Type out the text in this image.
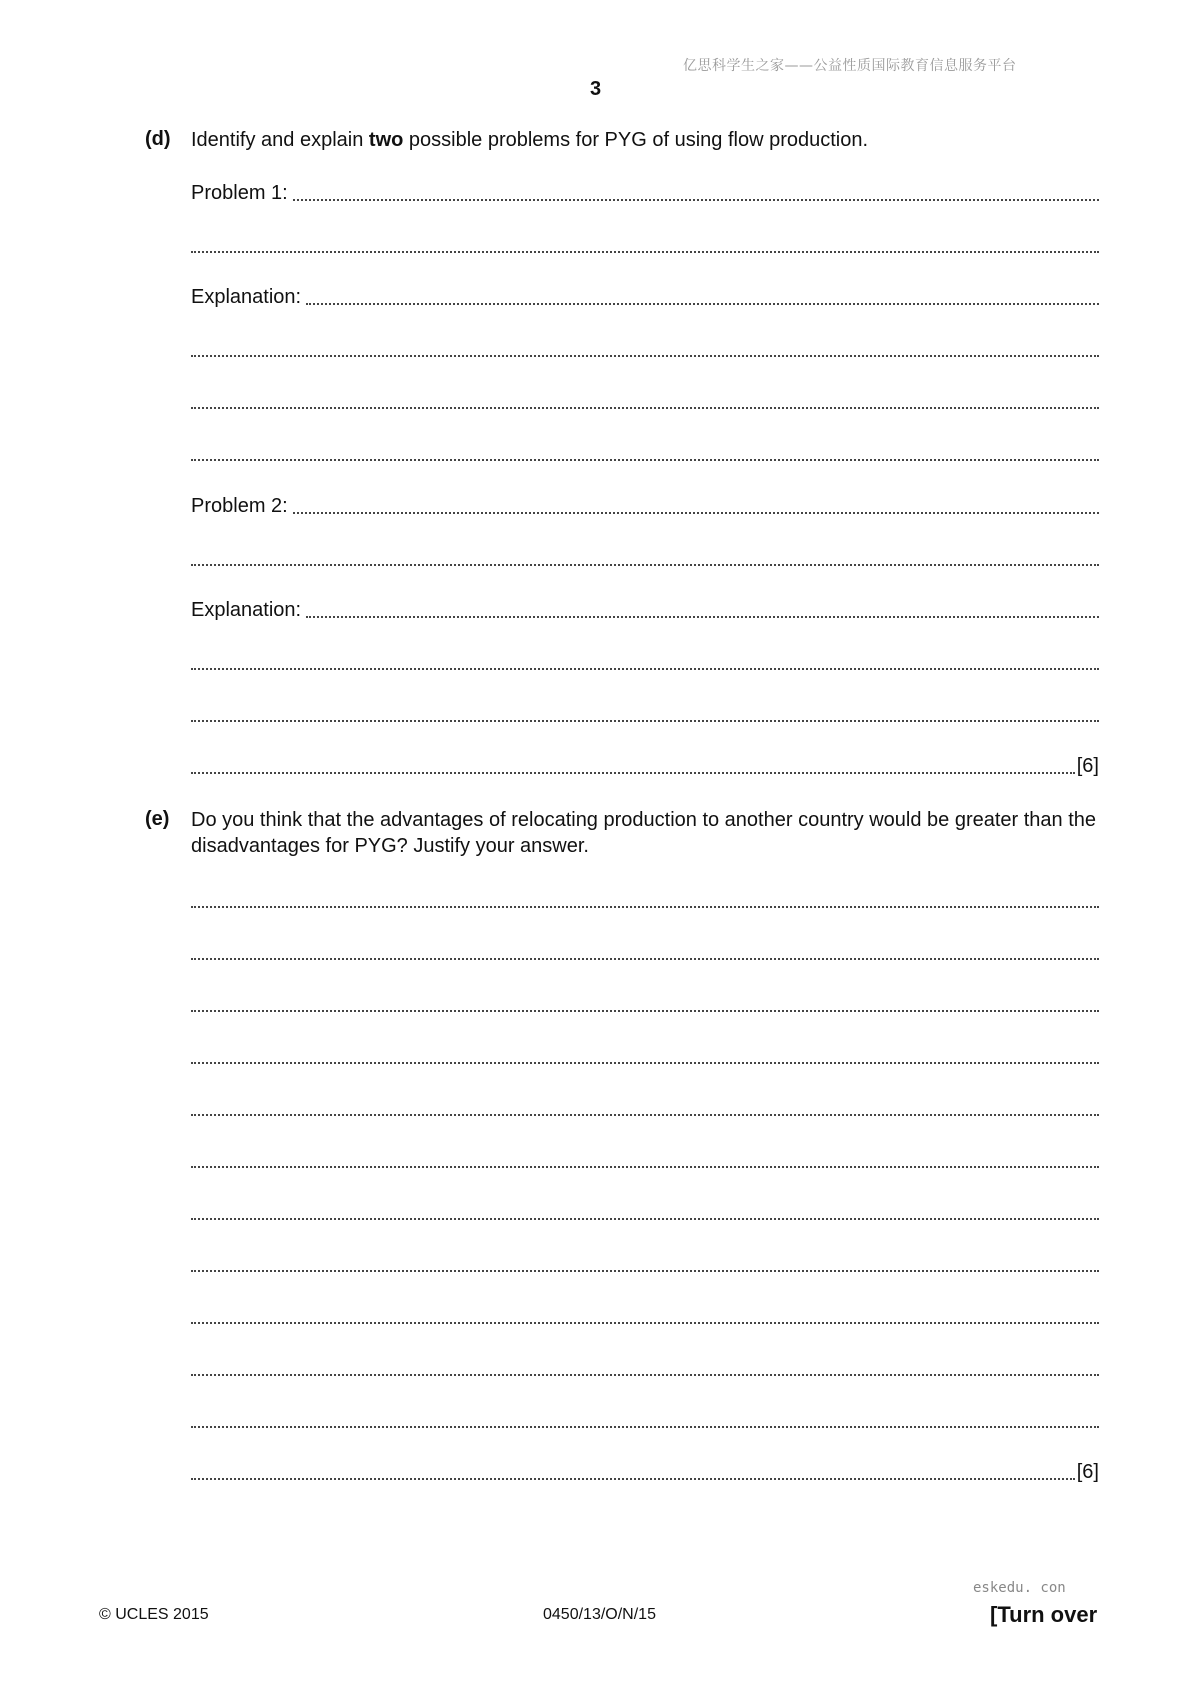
亿思科学生之家——公益性质国际教育信息服务平台
3
(d) Identify and explain two possible problems for PYG of using flow production.
Problem 1:
Explanation:
Problem 2:
Explanation:
[6]
(e) Do you think that the advantages of relocating production to another country would be greater than the disadvantages for PYG? Justify your answer.
[6]
eskedu. con
© UCLES 2015	0450/13/O/N/15	[Turn over
